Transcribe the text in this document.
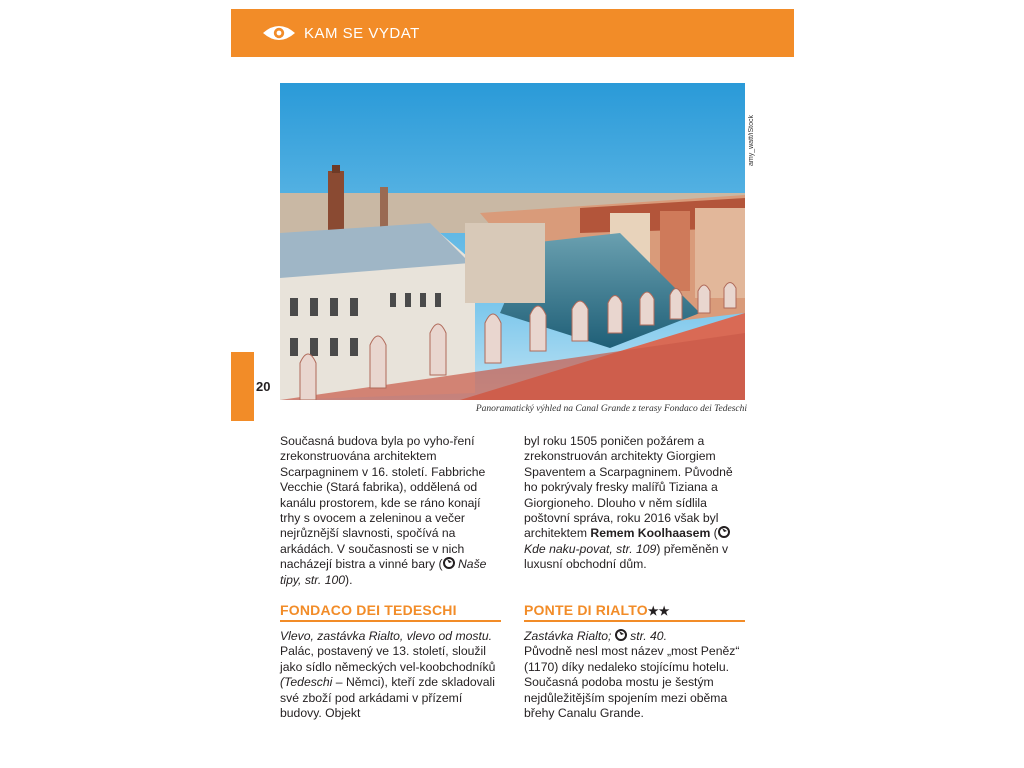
KAM SE VYDAT
20
amy_watt/iStock
Panoramatický výhled na Canal Grande z terasy Fondaco dei Tedeschi

Současná budova byla po vyho-ření zrekonstruována architektem Scarpagninem v 16. století. Fabbriche Vecchie (Stará fabrika), oddělená od kanálu prostorem, kde se ráno konají trhy s ovocem a zeleninou a večer nejrůznější slavnosti, spočívá na arkádách. V současnosti se v nich nacházejí bistra a vinné bary ( Naše tipy, str. 100).

byl roku 1505 poničen požárem a zrekonstruován architekty Giorgiem Spaventem a Scarpagninem. Původně ho pokrývaly fresky malířů Tiziana a Giorgioneho. Dlouho v něm sídlila poštovní správa, roku 2016 však byl architektem Remem Koolhaasem ( Kde naku-povat, str. 109) přeměněn v luxusní obchodní dům.

FONDACO DEI TEDESCHI	PONTE DI RIALTO★★

Vlevo, zastávka Rialto, vlevo od mostu. Palác, postavený ve 13. století, sloužil jako sídlo německých vel-koobchodníků (Tedeschi – Němci), kteří zde skladovali své zboží pod arkádami v přízemí budovy. Objekt

Zastávka Rialto; str. 40.
Původně nesl most název „most Peněz“ (1170) díky nedaleko stojícímu hotelu. Současná podoba mostu je šestým nejdůležitějším spojením mezi oběma břehy Canalu Grande.
